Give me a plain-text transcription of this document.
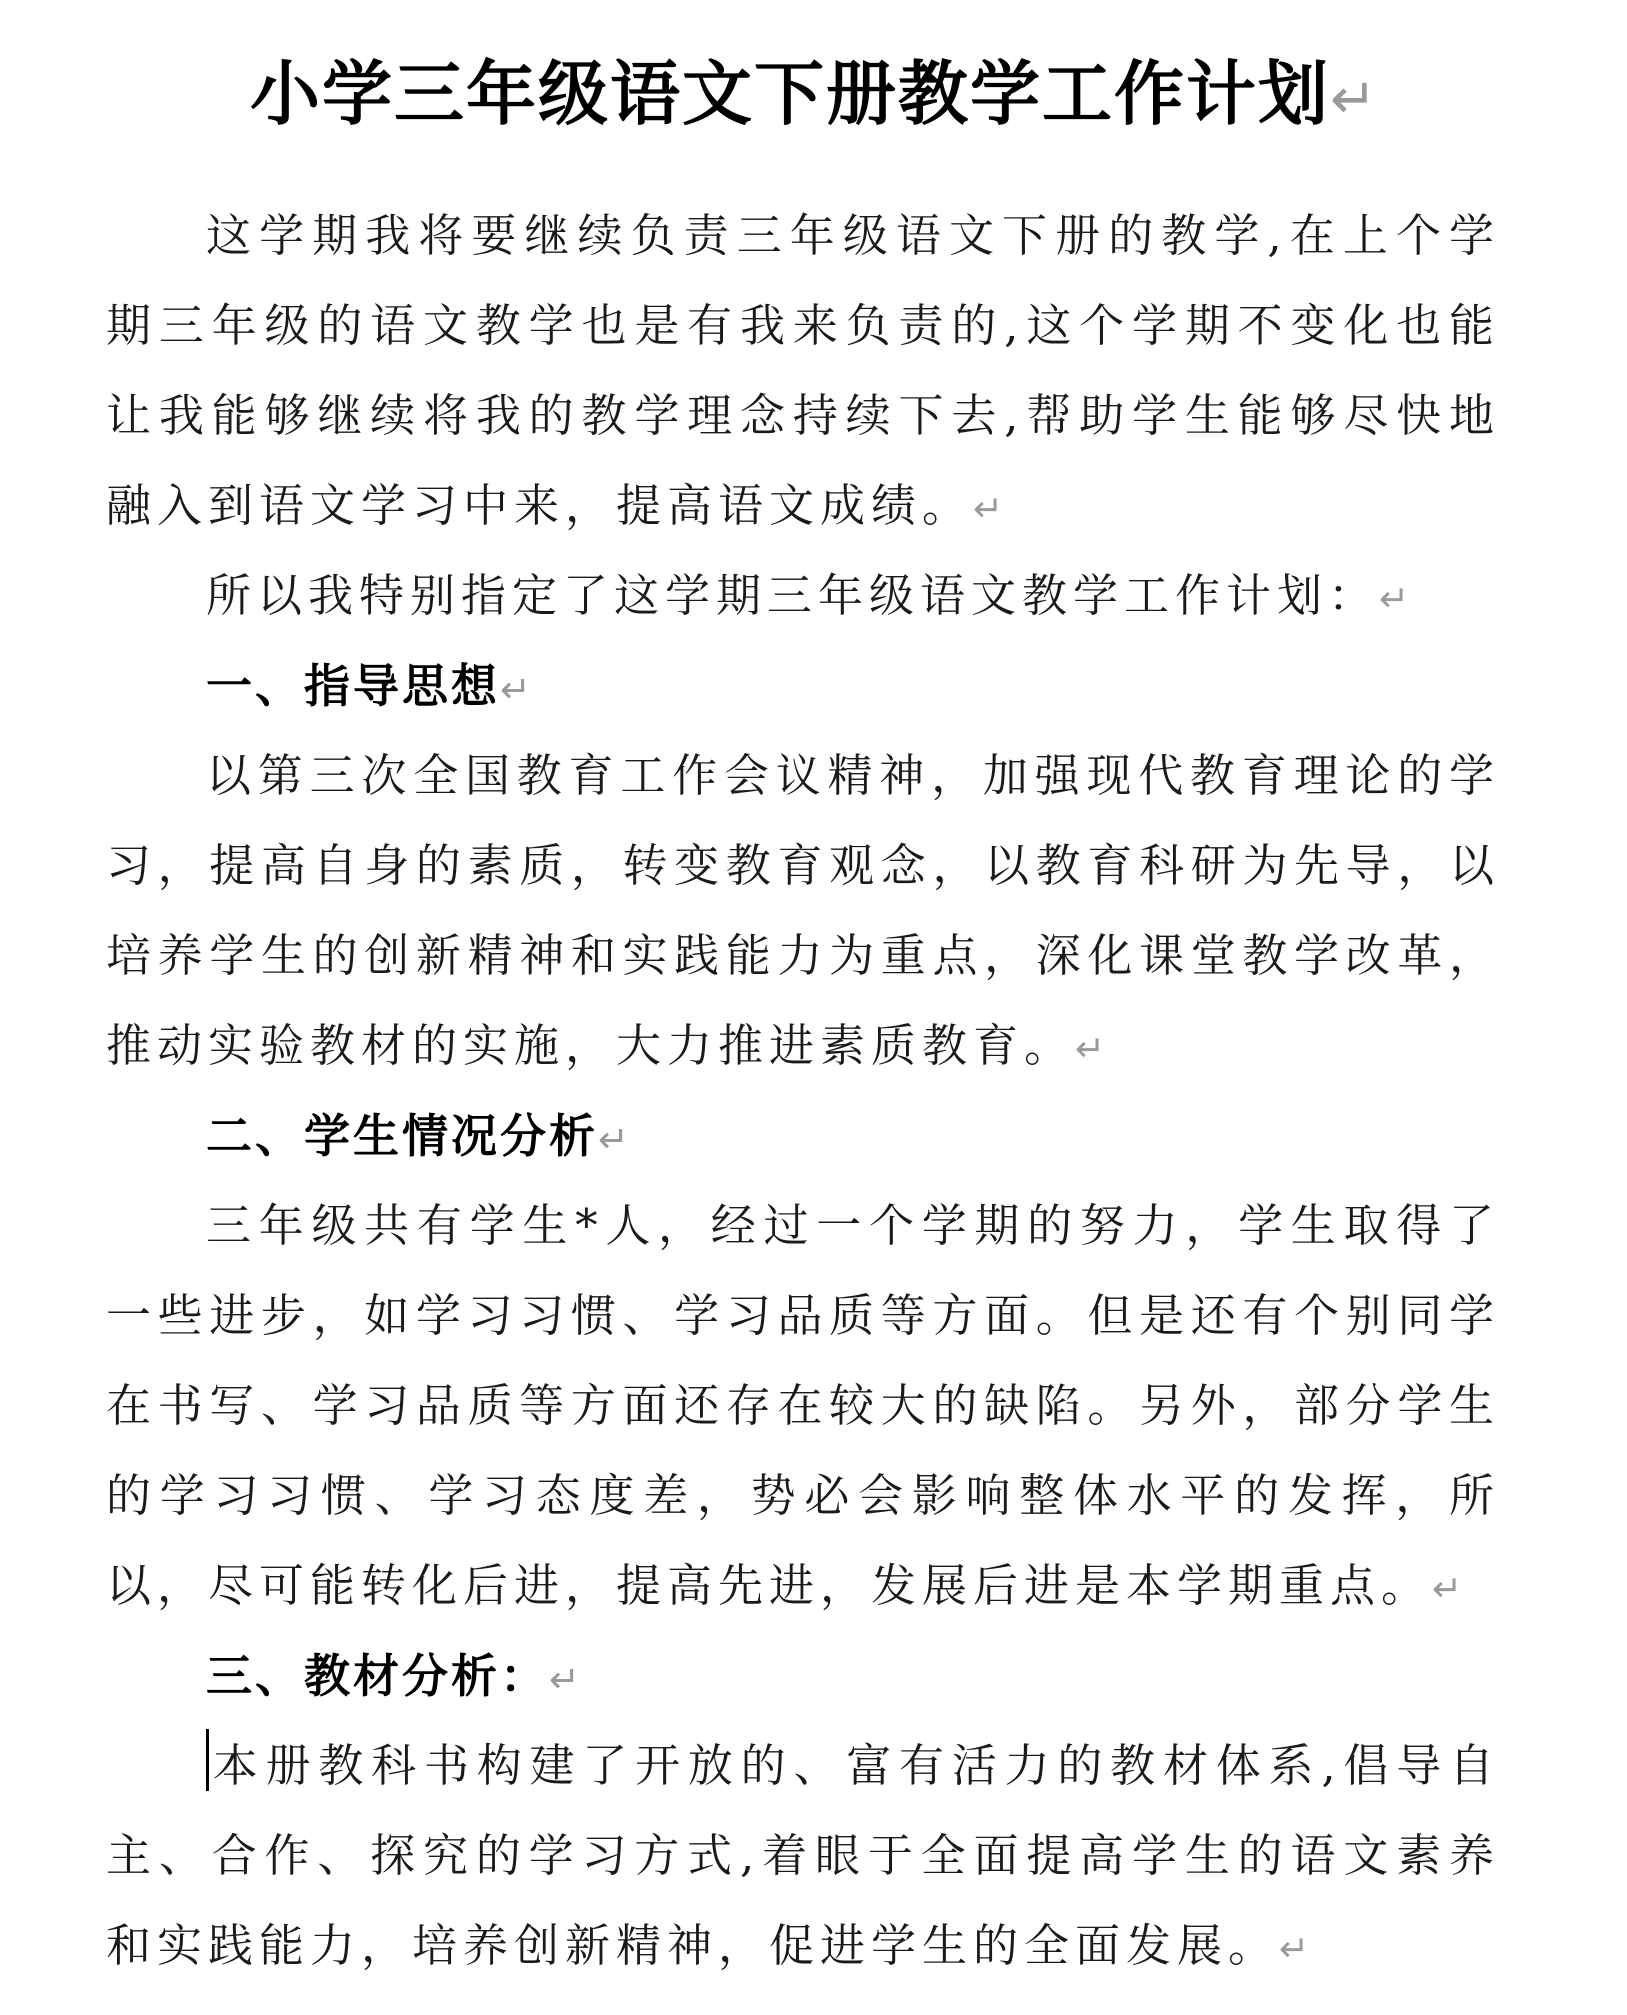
小学三年级语文下册教学工作计划↵

这学期我将要继续负责三年级语文下册的教学,在上个学期三年级的语文教学也是有我来负责的,这个学期不变化也能让我能够继续将我的教学理念持续下去,帮助学生能够尽快地融入到语文学习中来，提高语文成绩。↵

所以我特别指定了这学期三年级语文教学工作计划：↵

一、指导思想↵

以第三次全国教育工作会议精神，加强现代教育理论的学习，提高自身的素质，转变教育观念，以教育科研为先导，以培养学生的创新精神和实践能力为重点，深化课堂教学改革，推动实验教材的实施，大力推进素质教育。↵

二、学生情况分析↵

三年级共有学生*人，经过一个学期的努力，学生取得了一些进步，如学习习惯、学习品质等方面。但是还有个别同学在书写、学习品质等方面还存在较大的缺陷。另外，部分学生的学习习惯、学习态度差，势必会影响整体水平的发挥，所以，尽可能转化后进，提高先进，发展后进是本学期重点。↵

三、教材分析：↵

本册教科书构建了开放的、富有活力的教材体系,倡导自主、合作、探究的学习方式,着眼于全面提高学生的语文素养和实践能力，培养创新精神，促进学生的全面发展。↵
